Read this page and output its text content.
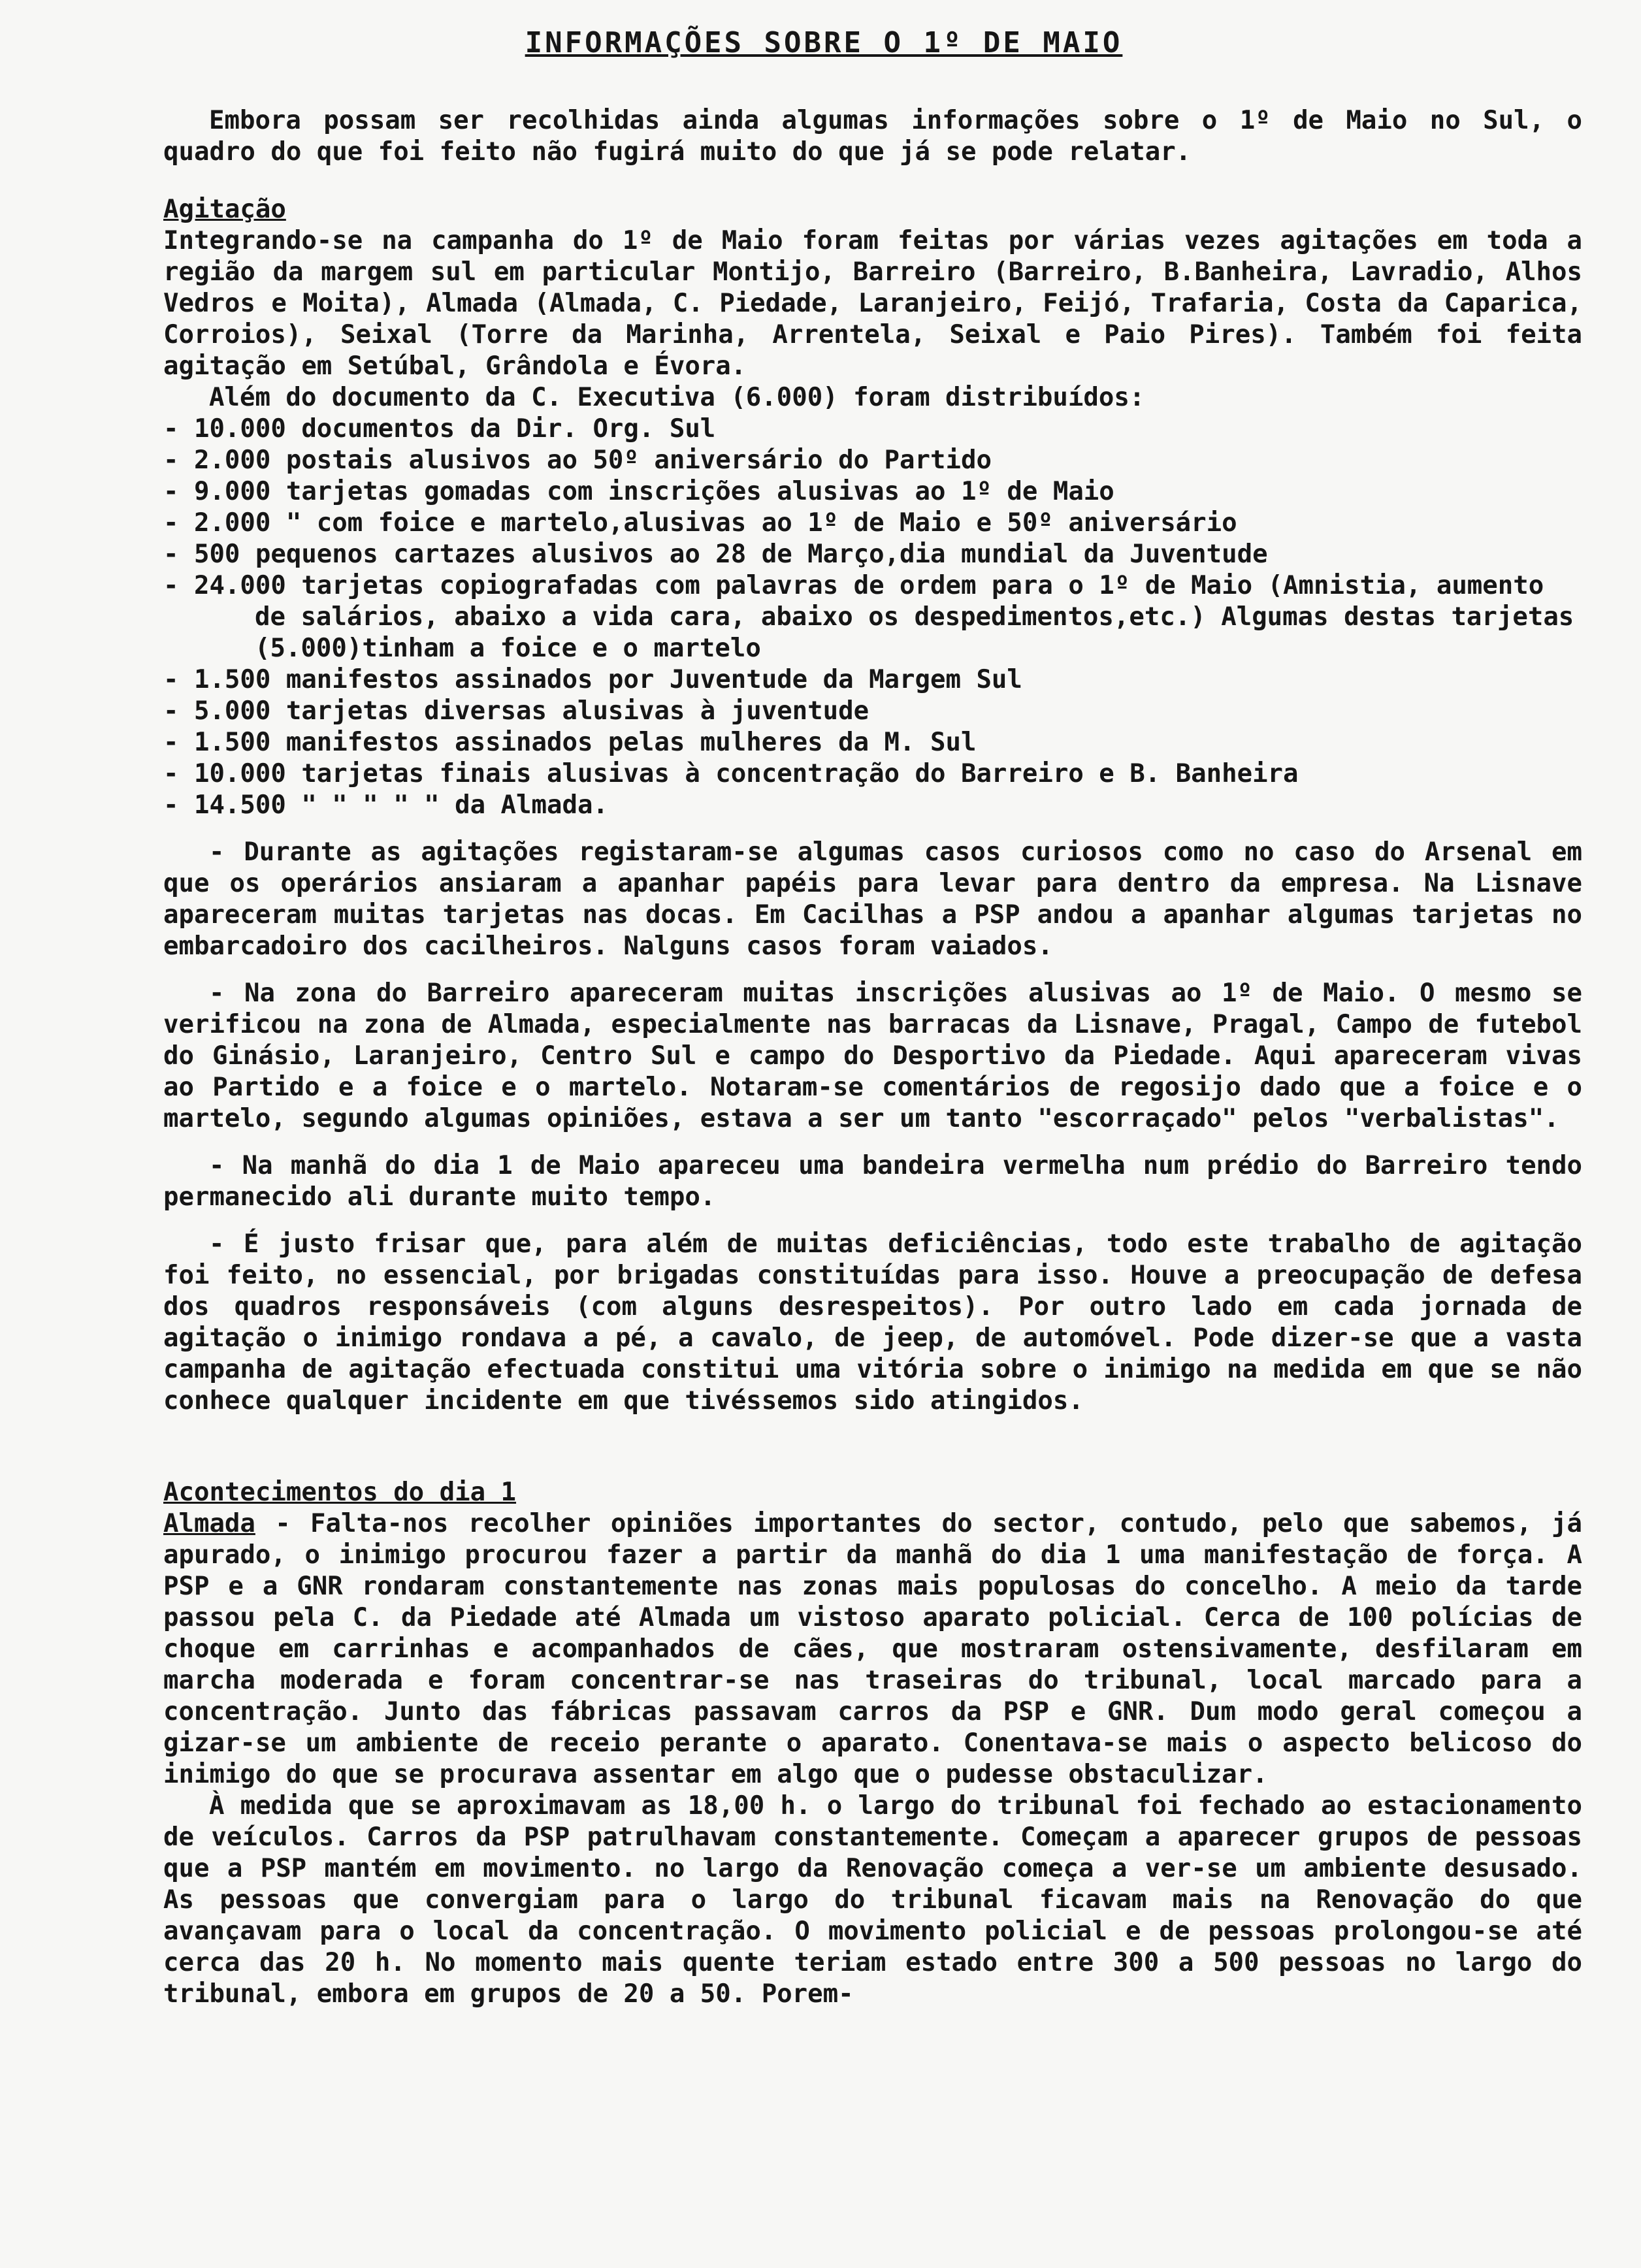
INFORMAÇÕES SOBRE O 1º DE MAIO

Embora possam ser recolhidas ainda algumas informações sobre o 1º de Maio no Sul, o quadro do que foi feito não fugirá muito do que já se pode relatar.

Agitação

Integrando-se na campanha do 1º de Maio foram feitas por várias vezes agitações em toda a região da margem sul em particular Montijo, Barreiro (Barreiro, B.Banheira, Lavradio, Alhos Vedros e Moita), Almada (Almada, C. Piedade, Laranjeiro, Feijó, Trafaria, Costa da Caparica, Corroios), Seixal (Torre da Marinha, Arrentela, Seixal e Paio Pires). Também foi feita agitação em Setúbal, Grândola e Évora.

Além do documento da C. Executiva (6.000) foram distribuídos:

- 10.000 documentos da Dir. Org. Sul
- 2.000 postais alusivos ao 50º aniversário do Partido
- 9.000 tarjetas gomadas com inscrições alusivas ao 1º de Maio
- 2.000 " com foice e martelo,alusivas ao 1º de Maio e 50º aniversário
- 500 pequenos cartazes alusivos ao 28 de Março,dia mundial da Juventude
- 24.000 tarjetas copiografadas com palavras de ordem para o 1º de Maio (Amnistia, aumento de salários, abaixo a vida cara, abaixo os despedimentos,etc.) Algumas destas tarjetas (5.000)tinham a foice e o martelo
- 1.500 manifestos assinados por Juventude da Margem Sul
- 5.000 tarjetas diversas alusivas à juventude
- 1.500 manifestos assinados pelas mulheres da M. Sul
- 10.000 tarjetas finais alusivas à concentração do Barreiro e B. Banheira
- 14.500 " " " " " da Almada.

- Durante as agitações registaram-se algumas casos curiosos como no caso do Arsenal em que os operários ansiaram a apanhar papéis para levar para dentro da empresa. Na Lisnave apareceram muitas tarjetas nas docas. Em Cacilhas a PSP andou a apanhar algumas tarjetas no embarcadoiro dos cacilheiros. Nalguns casos foram vaiados.

- Na zona do Barreiro apareceram muitas inscrições alusivas ao 1º de Maio. O mesmo se verificou na zona de Almada, especialmente nas barracas da Lisnave, Pragal, Campo de futebol do Ginásio, Laranjeiro, Centro Sul e campo do Desportivo da Piedade. Aqui apareceram vivas ao Partido e a foice e o martelo. Notaram-se comentários de regosijo dado que a foice e o martelo, segundo algumas opiniões, estava a ser um tanto "escorraçado" pelos "verbalistas".

- Na manhã do dia 1 de Maio apareceu uma bandeira vermelha num prédio do Barreiro tendo permanecido ali durante muito tempo.

- É justo frisar que, para além de muitas deficiências, todo este trabalho de agitação foi feito, no essencial, por brigadas constituídas para isso. Houve a preocupação de defesa dos quadros responsáveis (com alguns desrespeitos). Por outro lado em cada jornada de agitação o inimigo rondava a pé, a cavalo, de jeep, de automóvel. Pode dizer-se que a vasta campanha de agitação efectuada constitui uma vitória sobre o inimigo na medida em que se não conhece qualquer incidente em que tivéssemos sido atingidos.

Acontecimentos do dia 1

Almada - Falta-nos recolher opiniões importantes do sector, contudo, pelo que sabemos, já apurado, o inimigo procurou fazer a partir da manhã do dia 1 uma manifestação de força. A PSP e a GNR rondaram constantemente nas zonas mais populosas do concelho. A meio da tarde passou pela C. da Piedade até Almada um vistoso aparato policial. Cerca de 100 polícias de choque em carrinhas e acompanhados de cães, que mostraram ostensivamente, desfilaram em marcha moderada e foram concentrar-se nas traseiras do tribunal, local marcado para a concentração. Junto das fábricas passavam carros da PSP e GNR. Dum modo geral começou a gizar-se um ambiente de receio perante o aparato. Conentava-se mais o aspecto belicoso do inimigo do que se procurava assentar em algo que o pudesse obstaculizar.

À medida que se aproximavam as 18,00 h. o largo do tribunal foi fechado ao estacionamento de veículos. Carros da PSP patrulhavam constantemente. Começam a aparecer grupos de pessoas que a PSP mantém em movimento. no largo da Renovação começa a ver-se um ambiente desusado. As pessoas que convergiam para o largo do tribunal ficavam mais na Renovação do que avançavam para o local da concentração. O movimento policial e de pessoas prolongou-se até cerca das 20 h. No momento mais quente teriam estado entre 300 a 500 pessoas no largo do tribunal, embora em grupos de 20 a 50. Porem-
